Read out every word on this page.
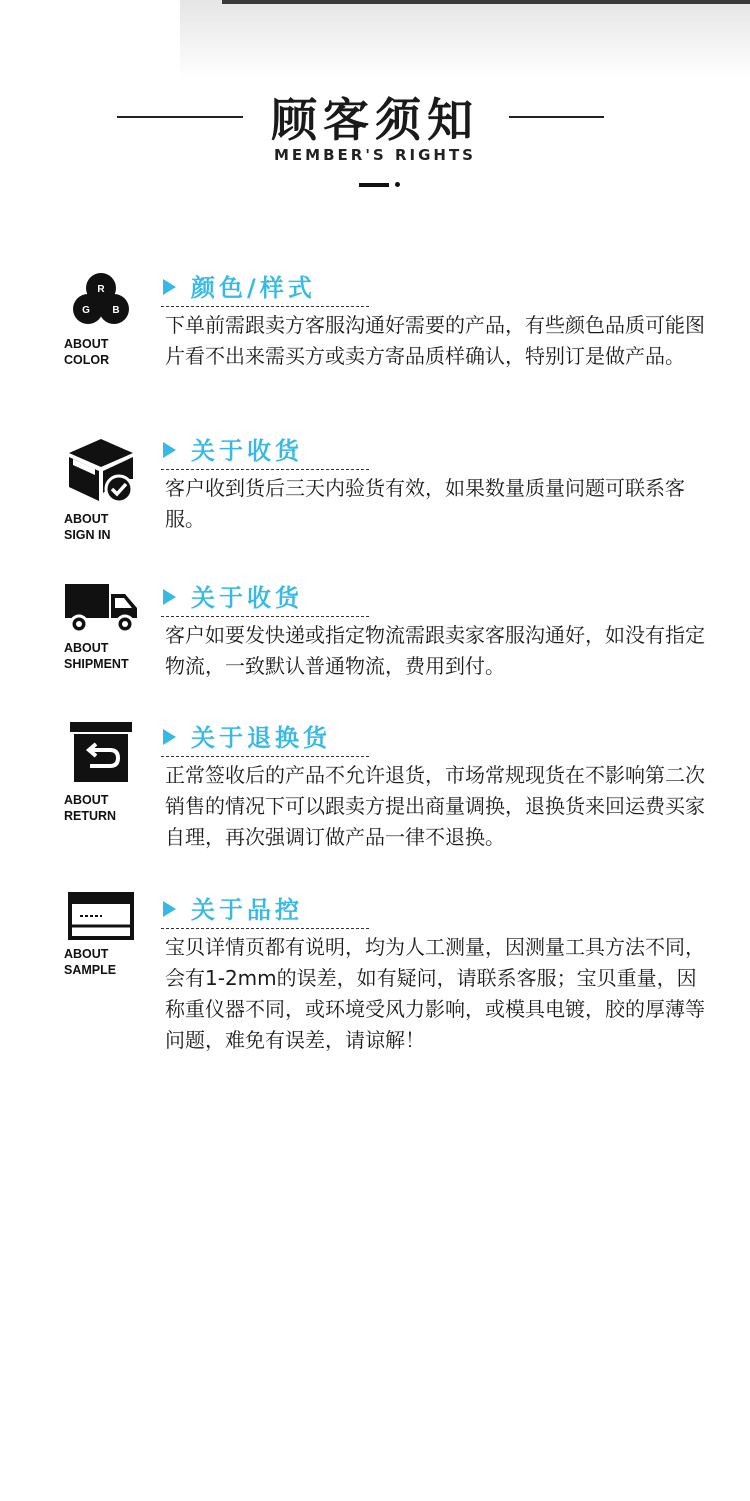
顾客须知
MEMBER'S RIGHTS
R
G B
ABOUT
COLOR
颜色/样式
下单前需跟卖方客服沟通好需要的产品，有些颜色品质可能图片看不出来需买方或卖方寄品质样确认，特别订是做产品。
ABOUT
SIGN IN
关于收货
客户收到货后三天内验货有效，如果数量质量问题可联系客服。
ABOUT
SHIPMENT
关于收货
客户如要发快递或指定物流需跟卖家客服沟通好，如没有指定物流，一致默认普通物流，费用到付。
ABOUT
RETURN
关于退换货
正常签收后的产品不允许退货，市场常规现货在不影响第二次销售的情况下可以跟卖方提出商量调换，退换货来回运费买家自理，再次强调订做产品一律不退换。
ABOUT
SAMPLE
关于品控
宝贝详情页都有说明，均为人工测量，因测量工具方法不同，会有1-2mm的误差，如有疑问，请联系客服；宝贝重量，因称重仪器不同，或环境受风力影响，或模具电镀，胶的厚薄等问题，难免有误差，请谅解！
